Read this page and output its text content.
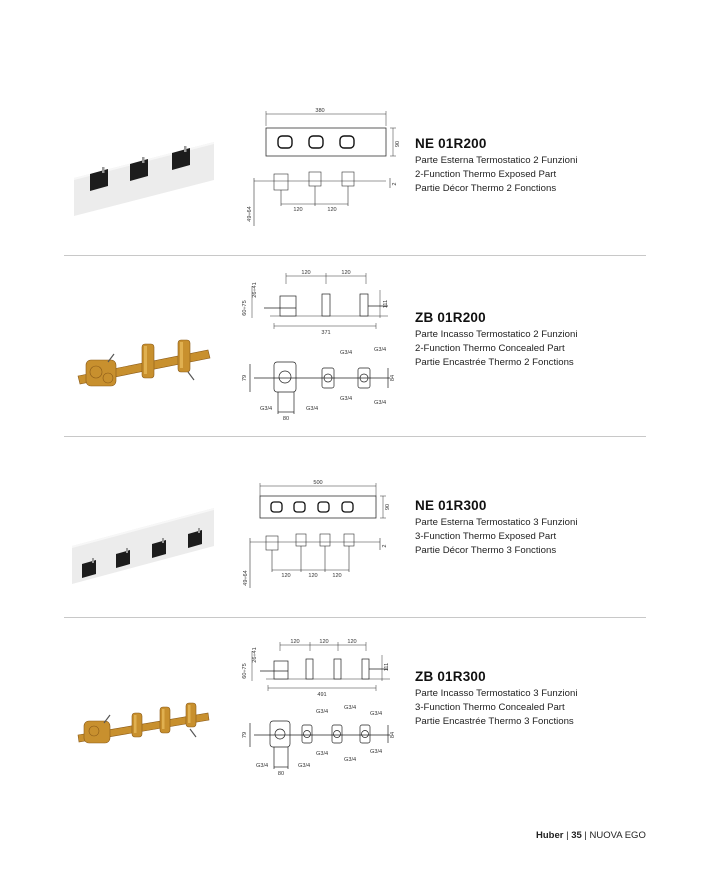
380
90
120	120
49÷64
2
NE 01R200
Parte Esterna Termostatico 2 Funzioni
2-Function Thermo Exposed Part
Partie Décor Thermo 2 Fonctions
120	120
26÷41
60÷75	111
371
79	84
80
G3/4	G3/4
G3/4
G3/4
G3/4	G3/4
ZB 01R200
Parte Incasso Termostatico 2 Funzioni
2-Function Thermo Concealed Part
Partie Encastrée Thermo 2 Fonctions
500
90
120	120	120
49÷64
2
NE 01R300
Parte Esterna Termostatico 3 Funzioni
3-Function Thermo Exposed Part
Partie Décor Thermo 3 Fonctions
120	120	120
26÷41
60÷75	111
491
79	84
80
G3/4
G3/4
G3/4
G3/4
G3/4
G3/4
G3/4	G3/4
ZB 01R300
Parte Incasso Termostatico 3 Funzioni
3-Function Thermo Concealed Part
Partie Encastrée Thermo 3 Fonctions
Huber | 35 | NUOVA EGO
